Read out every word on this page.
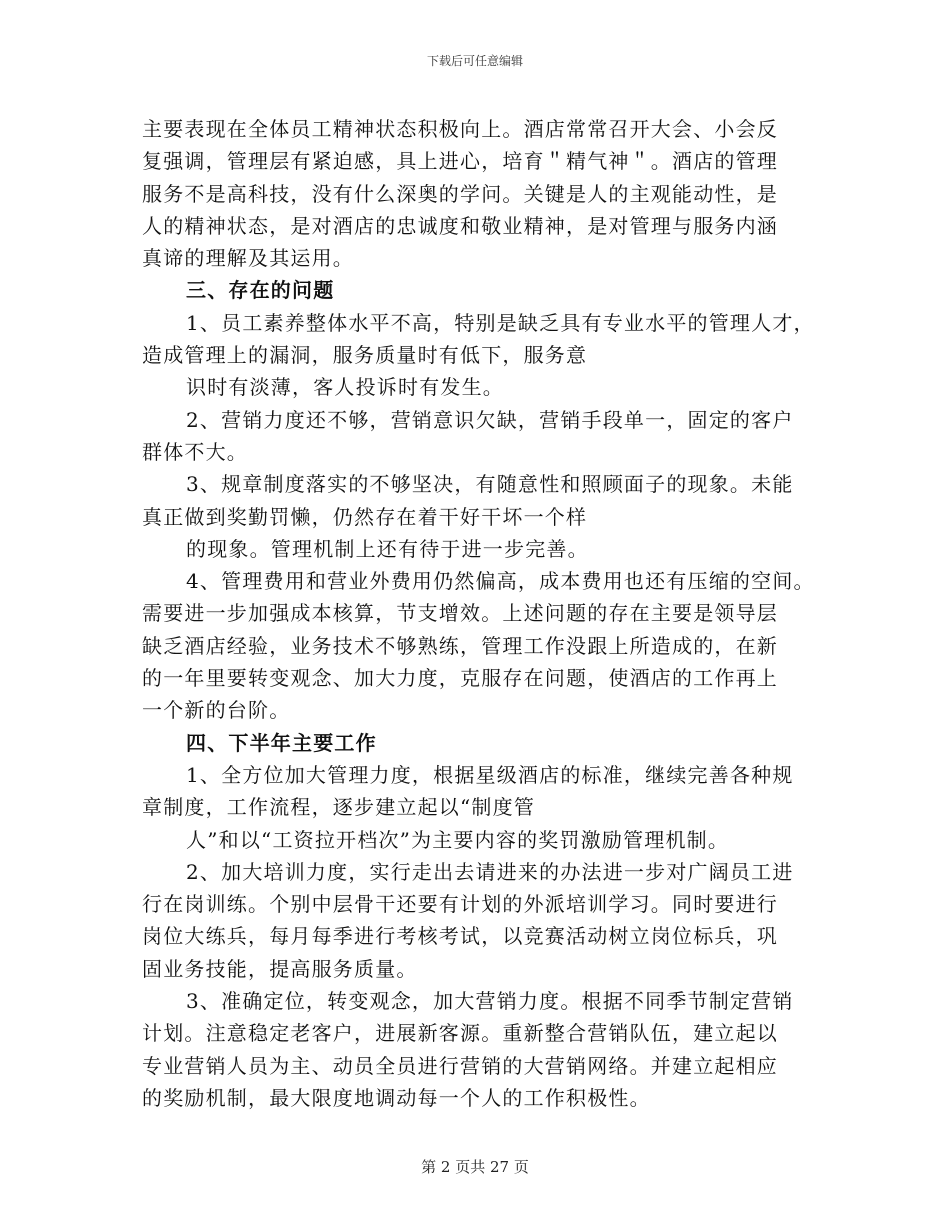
下载后可任意编辑
主要表现在全体员工精神状态积极向上。酒店常常召开大会、小会反
复强调，管理层有紧迫感，具上进心，培育＂精气神＂。酒店的管理
服务不是高科技，没有什么深奥的学问。关键是人的主观能动性，是
人的精神状态，是对酒店的忠诚度和敬业精神，是对管理与服务内涵
真谛的理解及其运用。
三、存在的问题
1、员工素养整体水平不高，特别是缺乏具有专业水平的管理人才，
造成管理上的漏洞，服务质量时有低下，服务意
识时有淡薄，客人投诉时有发生。
2、营销力度还不够，营销意识欠缺，营销手段单一，固定的客户
群体不大。
3、规章制度落实的不够坚决，有随意性和照顾面子的现象。未能
真正做到奖勤罚懒，仍然存在着干好干坏一个样
的现象。管理机制上还有待于进一步完善。
4、管理费用和营业外费用仍然偏高，成本费用也还有压缩的空间。
需要进一步加强成本核算，节支增效。上述问题的存在主要是领导层
缺乏酒店经验，业务技术不够熟练，管理工作没跟上所造成的，在新
的一年里要转变观念、加大力度，克服存在问题，使酒店的工作再上
一个新的台阶。
四、下半年主要工作
1、全方位加大管理力度，根据星级酒店的标准，继续完善各种规
章制度，工作流程，逐步建立起以“制度管
人”和以“工资拉开档次”为主要内容的奖罚激励管理机制。
2、加大培训力度，实行走出去请进来的办法进一步对广阔员工进
行在岗训练。个别中层骨干还要有计划的外派培训学习。同时要进行
岗位大练兵，每月每季进行考核考试，以竞赛活动树立岗位标兵，巩
固业务技能，提高服务质量。
3、准确定位，转变观念，加大营销力度。根据不同季节制定营销
计划。注意稳定老客户，进展新客源。重新整合营销队伍，建立起以
专业营销人员为主、动员全员进行营销的大营销网络。并建立起相应
的奖励机制，最大限度地调动每一个人的工作积极性。
第 2 页共 27 页
